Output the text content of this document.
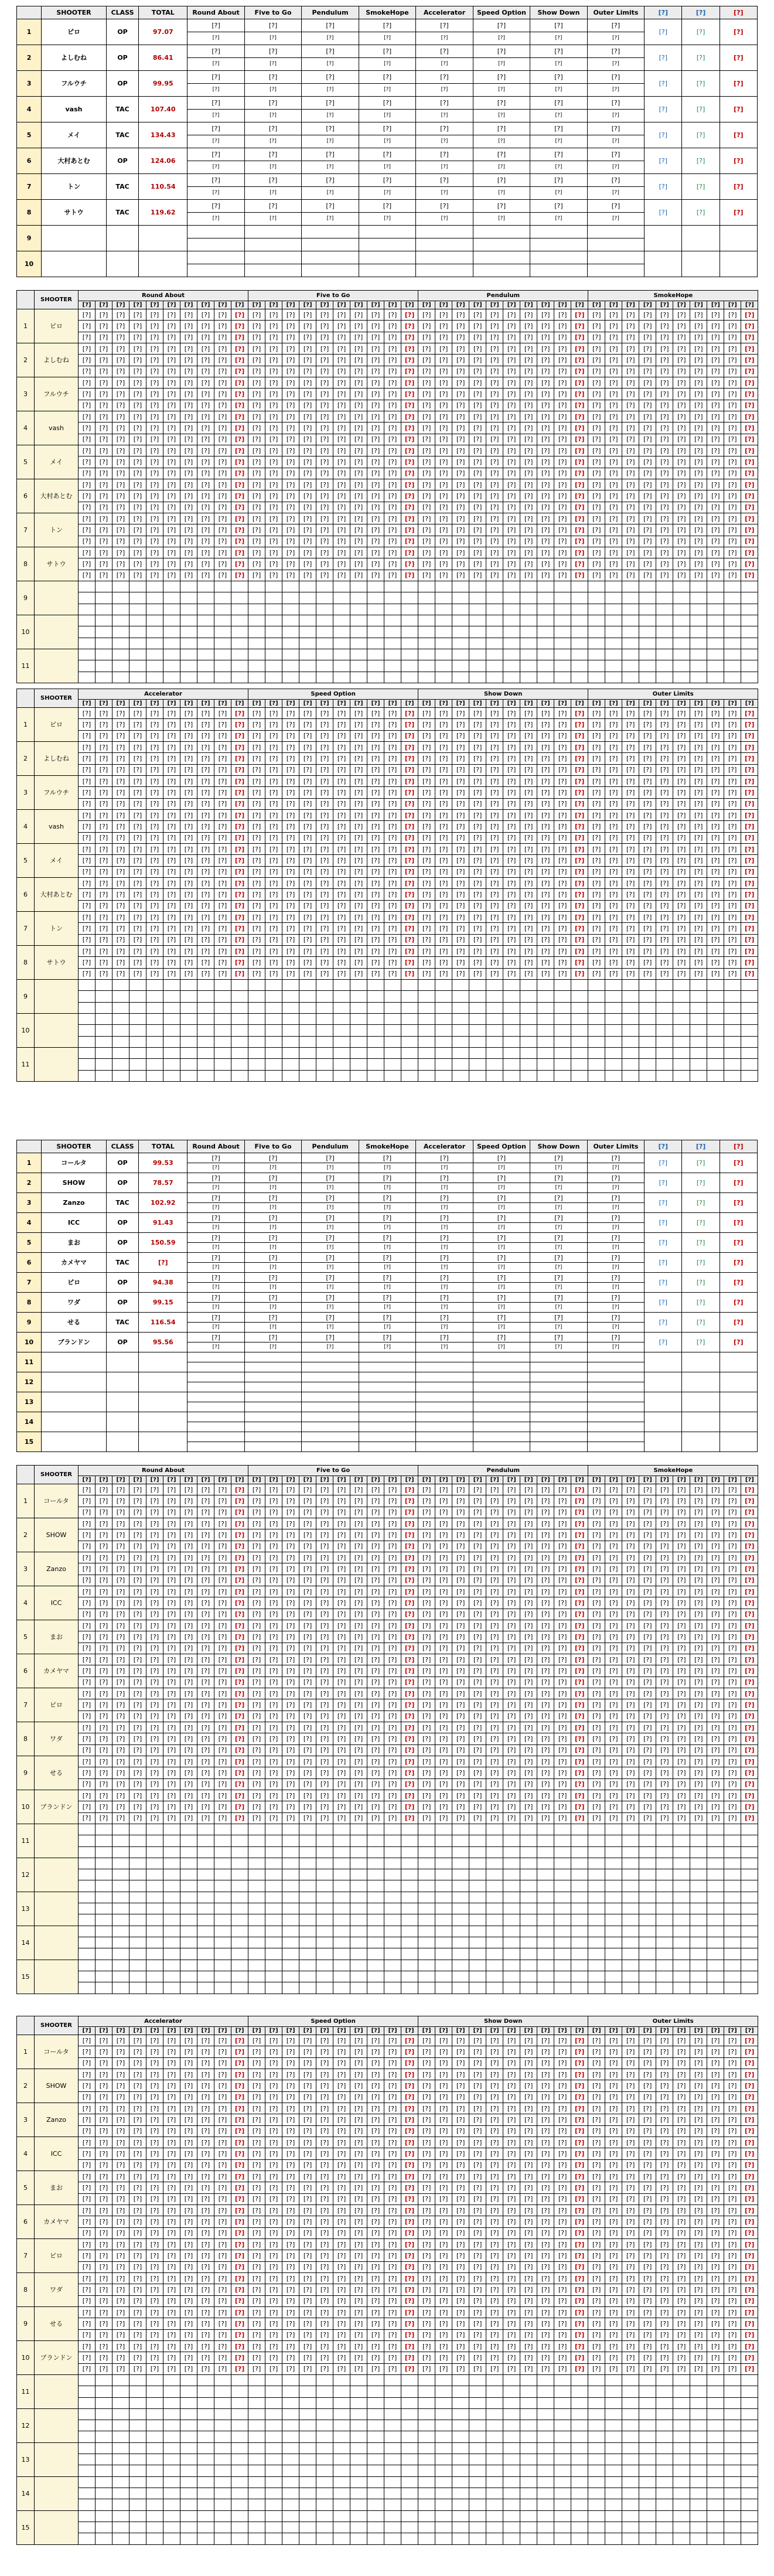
	SHOOTER	CLASS	TOTAL	Round About	Five to Go	Pendulum	SmokeHope	Accelerator	Speed Option	Show Down	Outer Limits	[?]	[?]	[?]
1	ピロ	OP	97.07	[?]	[?]	[?]	[?]	[?]	[?]	[?]	[?]	[?]	[?]	[?]
				[?]	[?]	[?]	[?]	[?]	[?]	[?]	[?]			
2	よしむね	OP	86.41	[?]	[?]	[?]	[?]	[?]	[?]	[?]	[?]	[?]	[?]	[?]
				[?]	[?]	[?]	[?]	[?]	[?]	[?]	[?]			
3	フルウチ	OP	99.95	[?]	[?]	[?]	[?]	[?]	[?]	[?]	[?]	[?]	[?]	[?]
				[?]	[?]	[?]	[?]	[?]	[?]	[?]	[?]			
4	vash	TAC	107.40	[?]	[?]	[?]	[?]	[?]	[?]	[?]	[?]	[?]	[?]	[?]
				[?]	[?]	[?]	[?]	[?]	[?]	[?]	[?]			
5	メイ	TAC	134.43	[?]	[?]	[?]	[?]	[?]	[?]	[?]	[?]	[?]	[?]	[?]
				[?]	[?]	[?]	[?]	[?]	[?]	[?]	[?]			
6	大村あとむ	OP	124.06	[?]	[?]	[?]	[?]	[?]	[?]	[?]	[?]	[?]	[?]	[?]
				[?]	[?]	[?]	[?]	[?]	[?]	[?]	[?]			
7	トン	TAC	110.54	[?]	[?]	[?]	[?]	[?]	[?]	[?]	[?]	[?]	[?]	[?]
				[?]	[?]	[?]	[?]	[?]	[?]	[?]	[?]			
8	サトウ	TAC	119.62	[?]	[?]	[?]	[?]	[?]	[?]	[?]	[?]	[?]	[?]	[?]
				[?]	[?]	[?]	[?]	[?]	[?]	[?]	[?]			
9														

10														

	SHOOTER	Round About										Five to Go										Pendulum										SmokeHope									
		[?]	[?]	[?]	[?]	[?]	[?]	[?]	[?]	[?]	[?]	[?]	[?]	[?]	[?]	[?]	[?]	[?]	[?]	[?]	[?]	[?]	[?]	[?]	[?]	[?]	[?]	[?]	[?]	[?]	[?]	[?]	[?]	[?]	[?]	[?]	[?]	[?]	[?]	[?]	[?]
1	ピロ	[?]	[?]	[?]	[?]	[?]	[?]	[?]	[?]	[?]	[?]	[?]	[?]	[?]	[?]	[?]	[?]	[?]	[?]	[?]	[?]	[?]	[?]	[?]	[?]	[?]	[?]	[?]	[?]	[?]	[?]	[?]	[?]	[?]	[?]	[?]	[?]	[?]	[?]	[?]	[?]
		[?]	[?]	[?]	[?]	[?]	[?]	[?]	[?]	[?]	[?]	[?]	[?]	[?]	[?]	[?]	[?]	[?]	[?]	[?]	[?]	[?]	[?]	[?]	[?]	[?]	[?]	[?]	[?]	[?]	[?]	[?]	[?]	[?]	[?]	[?]	[?]	[?]	[?]	[?]	[?]
		[?]	[?]	[?]	[?]	[?]	[?]	[?]	[?]	[?]	[?]	[?]	[?]	[?]	[?]	[?]	[?]	[?]	[?]	[?]	[?]	[?]	[?]	[?]	[?]	[?]	[?]	[?]	[?]	[?]	[?]	[?]	[?]	[?]	[?]	[?]	[?]	[?]	[?]	[?]	[?]
2	よしむね	[?]	[?]	[?]	[?]	[?]	[?]	[?]	[?]	[?]	[?]	[?]	[?]	[?]	[?]	[?]	[?]	[?]	[?]	[?]	[?]	[?]	[?]	[?]	[?]	[?]	[?]	[?]	[?]	[?]	[?]	[?]	[?]	[?]	[?]	[?]	[?]	[?]	[?]	[?]	[?]
		[?]	[?]	[?]	[?]	[?]	[?]	[?]	[?]	[?]	[?]	[?]	[?]	[?]	[?]	[?]	[?]	[?]	[?]	[?]	[?]	[?]	[?]	[?]	[?]	[?]	[?]	[?]	[?]	[?]	[?]	[?]	[?]	[?]	[?]	[?]	[?]	[?]	[?]	[?]	[?]
		[?]	[?]	[?]	[?]	[?]	[?]	[?]	[?]	[?]	[?]	[?]	[?]	[?]	[?]	[?]	[?]	[?]	[?]	[?]	[?]	[?]	[?]	[?]	[?]	[?]	[?]	[?]	[?]	[?]	[?]	[?]	[?]	[?]	[?]	[?]	[?]	[?]	[?]	[?]	[?]
3	フルウチ	[?]	[?]	[?]	[?]	[?]	[?]	[?]	[?]	[?]	[?]	[?]	[?]	[?]	[?]	[?]	[?]	[?]	[?]	[?]	[?]	[?]	[?]	[?]	[?]	[?]	[?]	[?]	[?]	[?]	[?]	[?]	[?]	[?]	[?]	[?]	[?]	[?]	[?]	[?]	[?]
		[?]	[?]	[?]	[?]	[?]	[?]	[?]	[?]	[?]	[?]	[?]	[?]	[?]	[?]	[?]	[?]	[?]	[?]	[?]	[?]	[?]	[?]	[?]	[?]	[?]	[?]	[?]	[?]	[?]	[?]	[?]	[?]	[?]	[?]	[?]	[?]	[?]	[?]	[?]	[?]
		[?]	[?]	[?]	[?]	[?]	[?]	[?]	[?]	[?]	[?]	[?]	[?]	[?]	[?]	[?]	[?]	[?]	[?]	[?]	[?]	[?]	[?]	[?]	[?]	[?]	[?]	[?]	[?]	[?]	[?]	[?]	[?]	[?]	[?]	[?]	[?]	[?]	[?]	[?]	[?]
4	vash	[?]	[?]	[?]	[?]	[?]	[?]	[?]	[?]	[?]	[?]	[?]	[?]	[?]	[?]	[?]	[?]	[?]	[?]	[?]	[?]	[?]	[?]	[?]	[?]	[?]	[?]	[?]	[?]	[?]	[?]	[?]	[?]	[?]	[?]	[?]	[?]	[?]	[?]	[?]	[?]
		[?]	[?]	[?]	[?]	[?]	[?]	[?]	[?]	[?]	[?]	[?]	[?]	[?]	[?]	[?]	[?]	[?]	[?]	[?]	[?]	[?]	[?]	[?]	[?]	[?]	[?]	[?]	[?]	[?]	[?]	[?]	[?]	[?]	[?]	[?]	[?]	[?]	[?]	[?]	[?]
		[?]	[?]	[?]	[?]	[?]	[?]	[?]	[?]	[?]	[?]	[?]	[?]	[?]	[?]	[?]	[?]	[?]	[?]	[?]	[?]	[?]	[?]	[?]	[?]	[?]	[?]	[?]	[?]	[?]	[?]	[?]	[?]	[?]	[?]	[?]	[?]	[?]	[?]	[?]	[?]
5	メイ	[?]	[?]	[?]	[?]	[?]	[?]	[?]	[?]	[?]	[?]	[?]	[?]	[?]	[?]	[?]	[?]	[?]	[?]	[?]	[?]	[?]	[?]	[?]	[?]	[?]	[?]	[?]	[?]	[?]	[?]	[?]	[?]	[?]	[?]	[?]	[?]	[?]	[?]	[?]	[?]
		[?]	[?]	[?]	[?]	[?]	[?]	[?]	[?]	[?]	[?]	[?]	[?]	[?]	[?]	[?]	[?]	[?]	[?]	[?]	[?]	[?]	[?]	[?]	[?]	[?]	[?]	[?]	[?]	[?]	[?]	[?]	[?]	[?]	[?]	[?]	[?]	[?]	[?]	[?]	[?]
		[?]	[?]	[?]	[?]	[?]	[?]	[?]	[?]	[?]	[?]	[?]	[?]	[?]	[?]	[?]	[?]	[?]	[?]	[?]	[?]	[?]	[?]	[?]	[?]	[?]	[?]	[?]	[?]	[?]	[?]	[?]	[?]	[?]	[?]	[?]	[?]	[?]	[?]	[?]	[?]
6	大村あとむ	[?]	[?]	[?]	[?]	[?]	[?]	[?]	[?]	[?]	[?]	[?]	[?]	[?]	[?]	[?]	[?]	[?]	[?]	[?]	[?]	[?]	[?]	[?]	[?]	[?]	[?]	[?]	[?]	[?]	[?]	[?]	[?]	[?]	[?]	[?]	[?]	[?]	[?]	[?]	[?]
		[?]	[?]	[?]	[?]	[?]	[?]	[?]	[?]	[?]	[?]	[?]	[?]	[?]	[?]	[?]	[?]	[?]	[?]	[?]	[?]	[?]	[?]	[?]	[?]	[?]	[?]	[?]	[?]	[?]	[?]	[?]	[?]	[?]	[?]	[?]	[?]	[?]	[?]	[?]	[?]
		[?]	[?]	[?]	[?]	[?]	[?]	[?]	[?]	[?]	[?]	[?]	[?]	[?]	[?]	[?]	[?]	[?]	[?]	[?]	[?]	[?]	[?]	[?]	[?]	[?]	[?]	[?]	[?]	[?]	[?]	[?]	[?]	[?]	[?]	[?]	[?]	[?]	[?]	[?]	[?]
7	トン	[?]	[?]	[?]	[?]	[?]	[?]	[?]	[?]	[?]	[?]	[?]	[?]	[?]	[?]	[?]	[?]	[?]	[?]	[?]	[?]	[?]	[?]	[?]	[?]	[?]	[?]	[?]	[?]	[?]	[?]	[?]	[?]	[?]	[?]	[?]	[?]	[?]	[?]	[?]	[?]
		[?]	[?]	[?]	[?]	[?]	[?]	[?]	[?]	[?]	[?]	[?]	[?]	[?]	[?]	[?]	[?]	[?]	[?]	[?]	[?]	[?]	[?]	[?]	[?]	[?]	[?]	[?]	[?]	[?]	[?]	[?]	[?]	[?]	[?]	[?]	[?]	[?]	[?]	[?]	[?]
		[?]	[?]	[?]	[?]	[?]	[?]	[?]	[?]	[?]	[?]	[?]	[?]	[?]	[?]	[?]	[?]	[?]	[?]	[?]	[?]	[?]	[?]	[?]	[?]	[?]	[?]	[?]	[?]	[?]	[?]	[?]	[?]	[?]	[?]	[?]	[?]	[?]	[?]	[?]	[?]
8	サトウ	[?]	[?]	[?]	[?]	[?]	[?]	[?]	[?]	[?]	[?]	[?]	[?]	[?]	[?]	[?]	[?]	[?]	[?]	[?]	[?]	[?]	[?]	[?]	[?]	[?]	[?]	[?]	[?]	[?]	[?]	[?]	[?]	[?]	[?]	[?]	[?]	[?]	[?]	[?]	[?]
		[?]	[?]	[?]	[?]	[?]	[?]	[?]	[?]	[?]	[?]	[?]	[?]	[?]	[?]	[?]	[?]	[?]	[?]	[?]	[?]	[?]	[?]	[?]	[?]	[?]	[?]	[?]	[?]	[?]	[?]	[?]	[?]	[?]	[?]	[?]	[?]	[?]	[?]	[?]	[?]
		[?]	[?]	[?]	[?]	[?]	[?]	[?]	[?]	[?]	[?]	[?]	[?]	[?]	[?]	[?]	[?]	[?]	[?]	[?]	[?]	[?]	[?]	[?]	[?]	[?]	[?]	[?]	[?]	[?]	[?]	[?]	[?]	[?]	[?]	[?]	[?]	[?]	[?]	[?]	[?]
9																																									

10																																									

11																																									

	SHOOTER	Accelerator										Speed Option										Show Down										Outer Limits									
		[?]	[?]	[?]	[?]	[?]	[?]	[?]	[?]	[?]	[?]	[?]	[?]	[?]	[?]	[?]	[?]	[?]	[?]	[?]	[?]	[?]	[?]	[?]	[?]	[?]	[?]	[?]	[?]	[?]	[?]	[?]	[?]	[?]	[?]	[?]	[?]	[?]	[?]	[?]	[?]
1	ピロ	[?]	[?]	[?]	[?]	[?]	[?]	[?]	[?]	[?]	[?]	[?]	[?]	[?]	[?]	[?]	[?]	[?]	[?]	[?]	[?]	[?]	[?]	[?]	[?]	[?]	[?]	[?]	[?]	[?]	[?]	[?]	[?]	[?]	[?]	[?]	[?]	[?]	[?]	[?]	[?]
		[?]	[?]	[?]	[?]	[?]	[?]	[?]	[?]	[?]	[?]	[?]	[?]	[?]	[?]	[?]	[?]	[?]	[?]	[?]	[?]	[?]	[?]	[?]	[?]	[?]	[?]	[?]	[?]	[?]	[?]	[?]	[?]	[?]	[?]	[?]	[?]	[?]	[?]	[?]	[?]
		[?]	[?]	[?]	[?]	[?]	[?]	[?]	[?]	[?]	[?]	[?]	[?]	[?]	[?]	[?]	[?]	[?]	[?]	[?]	[?]	[?]	[?]	[?]	[?]	[?]	[?]	[?]	[?]	[?]	[?]	[?]	[?]	[?]	[?]	[?]	[?]	[?]	[?]	[?]	[?]
2	よしむね	[?]	[?]	[?]	[?]	[?]	[?]	[?]	[?]	[?]	[?]	[?]	[?]	[?]	[?]	[?]	[?]	[?]	[?]	[?]	[?]	[?]	[?]	[?]	[?]	[?]	[?]	[?]	[?]	[?]	[?]	[?]	[?]	[?]	[?]	[?]	[?]	[?]	[?]	[?]	[?]
		[?]	[?]	[?]	[?]	[?]	[?]	[?]	[?]	[?]	[?]	[?]	[?]	[?]	[?]	[?]	[?]	[?]	[?]	[?]	[?]	[?]	[?]	[?]	[?]	[?]	[?]	[?]	[?]	[?]	[?]	[?]	[?]	[?]	[?]	[?]	[?]	[?]	[?]	[?]	[?]
		[?]	[?]	[?]	[?]	[?]	[?]	[?]	[?]	[?]	[?]	[?]	[?]	[?]	[?]	[?]	[?]	[?]	[?]	[?]	[?]	[?]	[?]	[?]	[?]	[?]	[?]	[?]	[?]	[?]	[?]	[?]	[?]	[?]	[?]	[?]	[?]	[?]	[?]	[?]	[?]
3	フルウチ	[?]	[?]	[?]	[?]	[?]	[?]	[?]	[?]	[?]	[?]	[?]	[?]	[?]	[?]	[?]	[?]	[?]	[?]	[?]	[?]	[?]	[?]	[?]	[?]	[?]	[?]	[?]	[?]	[?]	[?]	[?]	[?]	[?]	[?]	[?]	[?]	[?]	[?]	[?]	[?]
		[?]	[?]	[?]	[?]	[?]	[?]	[?]	[?]	[?]	[?]	[?]	[?]	[?]	[?]	[?]	[?]	[?]	[?]	[?]	[?]	[?]	[?]	[?]	[?]	[?]	[?]	[?]	[?]	[?]	[?]	[?]	[?]	[?]	[?]	[?]	[?]	[?]	[?]	[?]	[?]
		[?]	[?]	[?]	[?]	[?]	[?]	[?]	[?]	[?]	[?]	[?]	[?]	[?]	[?]	[?]	[?]	[?]	[?]	[?]	[?]	[?]	[?]	[?]	[?]	[?]	[?]	[?]	[?]	[?]	[?]	[?]	[?]	[?]	[?]	[?]	[?]	[?]	[?]	[?]	[?]
4	vash	[?]	[?]	[?]	[?]	[?]	[?]	[?]	[?]	[?]	[?]	[?]	[?]	[?]	[?]	[?]	[?]	[?]	[?]	[?]	[?]	[?]	[?]	[?]	[?]	[?]	[?]	[?]	[?]	[?]	[?]	[?]	[?]	[?]	[?]	[?]	[?]	[?]	[?]	[?]	[?]
		[?]	[?]	[?]	[?]	[?]	[?]	[?]	[?]	[?]	[?]	[?]	[?]	[?]	[?]	[?]	[?]	[?]	[?]	[?]	[?]	[?]	[?]	[?]	[?]	[?]	[?]	[?]	[?]	[?]	[?]	[?]	[?]	[?]	[?]	[?]	[?]	[?]	[?]	[?]	[?]
		[?]	[?]	[?]	[?]	[?]	[?]	[?]	[?]	[?]	[?]	[?]	[?]	[?]	[?]	[?]	[?]	[?]	[?]	[?]	[?]	[?]	[?]	[?]	[?]	[?]	[?]	[?]	[?]	[?]	[?]	[?]	[?]	[?]	[?]	[?]	[?]	[?]	[?]	[?]	[?]
5	メイ	[?]	[?]	[?]	[?]	[?]	[?]	[?]	[?]	[?]	[?]	[?]	[?]	[?]	[?]	[?]	[?]	[?]	[?]	[?]	[?]	[?]	[?]	[?]	[?]	[?]	[?]	[?]	[?]	[?]	[?]	[?]	[?]	[?]	[?]	[?]	[?]	[?]	[?]	[?]	[?]
		[?]	[?]	[?]	[?]	[?]	[?]	[?]	[?]	[?]	[?]	[?]	[?]	[?]	[?]	[?]	[?]	[?]	[?]	[?]	[?]	[?]	[?]	[?]	[?]	[?]	[?]	[?]	[?]	[?]	[?]	[?]	[?]	[?]	[?]	[?]	[?]	[?]	[?]	[?]	[?]
		[?]	[?]	[?]	[?]	[?]	[?]	[?]	[?]	[?]	[?]	[?]	[?]	[?]	[?]	[?]	[?]	[?]	[?]	[?]	[?]	[?]	[?]	[?]	[?]	[?]	[?]	[?]	[?]	[?]	[?]	[?]	[?]	[?]	[?]	[?]	[?]	[?]	[?]	[?]	[?]
6	大村あとむ	[?]	[?]	[?]	[?]	[?]	[?]	[?]	[?]	[?]	[?]	[?]	[?]	[?]	[?]	[?]	[?]	[?]	[?]	[?]	[?]	[?]	[?]	[?]	[?]	[?]	[?]	[?]	[?]	[?]	[?]	[?]	[?]	[?]	[?]	[?]	[?]	[?]	[?]	[?]	[?]
		[?]	[?]	[?]	[?]	[?]	[?]	[?]	[?]	[?]	[?]	[?]	[?]	[?]	[?]	[?]	[?]	[?]	[?]	[?]	[?]	[?]	[?]	[?]	[?]	[?]	[?]	[?]	[?]	[?]	[?]	[?]	[?]	[?]	[?]	[?]	[?]	[?]	[?]	[?]	[?]
		[?]	[?]	[?]	[?]	[?]	[?]	[?]	[?]	[?]	[?]	[?]	[?]	[?]	[?]	[?]	[?]	[?]	[?]	[?]	[?]	[?]	[?]	[?]	[?]	[?]	[?]	[?]	[?]	[?]	[?]	[?]	[?]	[?]	[?]	[?]	[?]	[?]	[?]	[?]	[?]
7	トン	[?]	[?]	[?]	[?]	[?]	[?]	[?]	[?]	[?]	[?]	[?]	[?]	[?]	[?]	[?]	[?]	[?]	[?]	[?]	[?]	[?]	[?]	[?]	[?]	[?]	[?]	[?]	[?]	[?]	[?]	[?]	[?]	[?]	[?]	[?]	[?]	[?]	[?]	[?]	[?]
		[?]	[?]	[?]	[?]	[?]	[?]	[?]	[?]	[?]	[?]	[?]	[?]	[?]	[?]	[?]	[?]	[?]	[?]	[?]	[?]	[?]	[?]	[?]	[?]	[?]	[?]	[?]	[?]	[?]	[?]	[?]	[?]	[?]	[?]	[?]	[?]	[?]	[?]	[?]	[?]
		[?]	[?]	[?]	[?]	[?]	[?]	[?]	[?]	[?]	[?]	[?]	[?]	[?]	[?]	[?]	[?]	[?]	[?]	[?]	[?]	[?]	[?]	[?]	[?]	[?]	[?]	[?]	[?]	[?]	[?]	[?]	[?]	[?]	[?]	[?]	[?]	[?]	[?]	[?]	[?]
8	サトウ	[?]	[?]	[?]	[?]	[?]	[?]	[?]	[?]	[?]	[?]	[?]	[?]	[?]	[?]	[?]	[?]	[?]	[?]	[?]	[?]	[?]	[?]	[?]	[?]	[?]	[?]	[?]	[?]	[?]	[?]	[?]	[?]	[?]	[?]	[?]	[?]	[?]	[?]	[?]	[?]
		[?]	[?]	[?]	[?]	[?]	[?]	[?]	[?]	[?]	[?]	[?]	[?]	[?]	[?]	[?]	[?]	[?]	[?]	[?]	[?]	[?]	[?]	[?]	[?]	[?]	[?]	[?]	[?]	[?]	[?]	[?]	[?]	[?]	[?]	[?]	[?]	[?]	[?]	[?]	[?]
		[?]	[?]	[?]	[?]	[?]	[?]	[?]	[?]	[?]	[?]	[?]	[?]	[?]	[?]	[?]	[?]	[?]	[?]	[?]	[?]	[?]	[?]	[?]	[?]	[?]	[?]	[?]	[?]	[?]	[?]	[?]	[?]	[?]	[?]	[?]	[?]	[?]	[?]	[?]	[?]
9																																									

10																																									

11																																									

	SHOOTER	CLASS	TOTAL	Round About	Five to Go	Pendulum	SmokeHope	Accelerator	Speed Option	Show Down	Outer Limits	[?]	[?]	[?]
1	コールタ	OP	99.53	[?]	[?]	[?]	[?]	[?]	[?]	[?]	[?]	[?]	[?]	[?]
				[?]	[?]	[?]	[?]	[?]	[?]	[?]	[?]			
2	SHOW	OP	78.57	[?]	[?]	[?]	[?]	[?]	[?]	[?]	[?]	[?]	[?]	[?]
				[?]	[?]	[?]	[?]	[?]	[?]	[?]	[?]			
3	Zanzo	TAC	102.92	[?]	[?]	[?]	[?]	[?]	[?]	[?]	[?]	[?]	[?]	[?]
				[?]	[?]	[?]	[?]	[?]	[?]	[?]	[?]			
4	ICC	OP	91.43	[?]	[?]	[?]	[?]	[?]	[?]	[?]	[?]	[?]	[?]	[?]
				[?]	[?]	[?]	[?]	[?]	[?]	[?]	[?]			
5	まお	OP	150.59	[?]	[?]	[?]	[?]	[?]	[?]	[?]	[?]	[?]	[?]	[?]
				[?]	[?]	[?]	[?]	[?]	[?]	[?]	[?]			
6	カメヤマ	TAC	[?]	[?]	[?]	[?]	[?]	[?]	[?]	[?]	[?]	[?]	[?]	[?]
				[?]	[?]	[?]	[?]	[?]	[?]	[?]	[?]			
7	ピロ	OP	94.38	[?]	[?]	[?]	[?]	[?]	[?]	[?]	[?]	[?]	[?]	[?]
				[?]	[?]	[?]	[?]	[?]	[?]	[?]	[?]			
8	ワダ	OP	99.15	[?]	[?]	[?]	[?]	[?]	[?]	[?]	[?]	[?]	[?]	[?]
				[?]	[?]	[?]	[?]	[?]	[?]	[?]	[?]			
9	せる	TAC	116.54	[?]	[?]	[?]	[?]	[?]	[?]	[?]	[?]	[?]	[?]	[?]
				[?]	[?]	[?]	[?]	[?]	[?]	[?]	[?]			
10	ブランドン	OP	95.56	[?]	[?]	[?]	[?]	[?]	[?]	[?]	[?]	[?]	[?]	[?]
				[?]	[?]	[?]	[?]	[?]	[?]	[?]	[?]			
11														

12														

13														

14														

15														

	SHOOTER	Round About										Five to Go										Pendulum										SmokeHope									
		[?]	[?]	[?]	[?]	[?]	[?]	[?]	[?]	[?]	[?]	[?]	[?]	[?]	[?]	[?]	[?]	[?]	[?]	[?]	[?]	[?]	[?]	[?]	[?]	[?]	[?]	[?]	[?]	[?]	[?]	[?]	[?]	[?]	[?]	[?]	[?]	[?]	[?]	[?]	[?]
1	コールタ	[?]	[?]	[?]	[?]	[?]	[?]	[?]	[?]	[?]	[?]	[?]	[?]	[?]	[?]	[?]	[?]	[?]	[?]	[?]	[?]	[?]	[?]	[?]	[?]	[?]	[?]	[?]	[?]	[?]	[?]	[?]	[?]	[?]	[?]	[?]	[?]	[?]	[?]	[?]	[?]
		[?]	[?]	[?]	[?]	[?]	[?]	[?]	[?]	[?]	[?]	[?]	[?]	[?]	[?]	[?]	[?]	[?]	[?]	[?]	[?]	[?]	[?]	[?]	[?]	[?]	[?]	[?]	[?]	[?]	[?]	[?]	[?]	[?]	[?]	[?]	[?]	[?]	[?]	[?]	[?]
		[?]	[?]	[?]	[?]	[?]	[?]	[?]	[?]	[?]	[?]	[?]	[?]	[?]	[?]	[?]	[?]	[?]	[?]	[?]	[?]	[?]	[?]	[?]	[?]	[?]	[?]	[?]	[?]	[?]	[?]	[?]	[?]	[?]	[?]	[?]	[?]	[?]	[?]	[?]	[?]
2	SHOW	[?]	[?]	[?]	[?]	[?]	[?]	[?]	[?]	[?]	[?]	[?]	[?]	[?]	[?]	[?]	[?]	[?]	[?]	[?]	[?]	[?]	[?]	[?]	[?]	[?]	[?]	[?]	[?]	[?]	[?]	[?]	[?]	[?]	[?]	[?]	[?]	[?]	[?]	[?]	[?]
		[?]	[?]	[?]	[?]	[?]	[?]	[?]	[?]	[?]	[?]	[?]	[?]	[?]	[?]	[?]	[?]	[?]	[?]	[?]	[?]	[?]	[?]	[?]	[?]	[?]	[?]	[?]	[?]	[?]	[?]	[?]	[?]	[?]	[?]	[?]	[?]	[?]	[?]	[?]	[?]
		[?]	[?]	[?]	[?]	[?]	[?]	[?]	[?]	[?]	[?]	[?]	[?]	[?]	[?]	[?]	[?]	[?]	[?]	[?]	[?]	[?]	[?]	[?]	[?]	[?]	[?]	[?]	[?]	[?]	[?]	[?]	[?]	[?]	[?]	[?]	[?]	[?]	[?]	[?]	[?]
3	Zanzo	[?]	[?]	[?]	[?]	[?]	[?]	[?]	[?]	[?]	[?]	[?]	[?]	[?]	[?]	[?]	[?]	[?]	[?]	[?]	[?]	[?]	[?]	[?]	[?]	[?]	[?]	[?]	[?]	[?]	[?]	[?]	[?]	[?]	[?]	[?]	[?]	[?]	[?]	[?]	[?]
		[?]	[?]	[?]	[?]	[?]	[?]	[?]	[?]	[?]	[?]	[?]	[?]	[?]	[?]	[?]	[?]	[?]	[?]	[?]	[?]	[?]	[?]	[?]	[?]	[?]	[?]	[?]	[?]	[?]	[?]	[?]	[?]	[?]	[?]	[?]	[?]	[?]	[?]	[?]	[?]
		[?]	[?]	[?]	[?]	[?]	[?]	[?]	[?]	[?]	[?]	[?]	[?]	[?]	[?]	[?]	[?]	[?]	[?]	[?]	[?]	[?]	[?]	[?]	[?]	[?]	[?]	[?]	[?]	[?]	[?]	[?]	[?]	[?]	[?]	[?]	[?]	[?]	[?]	[?]	[?]
4	ICC	[?]	[?]	[?]	[?]	[?]	[?]	[?]	[?]	[?]	[?]	[?]	[?]	[?]	[?]	[?]	[?]	[?]	[?]	[?]	[?]	[?]	[?]	[?]	[?]	[?]	[?]	[?]	[?]	[?]	[?]	[?]	[?]	[?]	[?]	[?]	[?]	[?]	[?]	[?]	[?]
		[?]	[?]	[?]	[?]	[?]	[?]	[?]	[?]	[?]	[?]	[?]	[?]	[?]	[?]	[?]	[?]	[?]	[?]	[?]	[?]	[?]	[?]	[?]	[?]	[?]	[?]	[?]	[?]	[?]	[?]	[?]	[?]	[?]	[?]	[?]	[?]	[?]	[?]	[?]	[?]
		[?]	[?]	[?]	[?]	[?]	[?]	[?]	[?]	[?]	[?]	[?]	[?]	[?]	[?]	[?]	[?]	[?]	[?]	[?]	[?]	[?]	[?]	[?]	[?]	[?]	[?]	[?]	[?]	[?]	[?]	[?]	[?]	[?]	[?]	[?]	[?]	[?]	[?]	[?]	[?]
5	まお	[?]	[?]	[?]	[?]	[?]	[?]	[?]	[?]	[?]	[?]	[?]	[?]	[?]	[?]	[?]	[?]	[?]	[?]	[?]	[?]	[?]	[?]	[?]	[?]	[?]	[?]	[?]	[?]	[?]	[?]	[?]	[?]	[?]	[?]	[?]	[?]	[?]	[?]	[?]	[?]
		[?]	[?]	[?]	[?]	[?]	[?]	[?]	[?]	[?]	[?]	[?]	[?]	[?]	[?]	[?]	[?]	[?]	[?]	[?]	[?]	[?]	[?]	[?]	[?]	[?]	[?]	[?]	[?]	[?]	[?]	[?]	[?]	[?]	[?]	[?]	[?]	[?]	[?]	[?]	[?]
		[?]	[?]	[?]	[?]	[?]	[?]	[?]	[?]	[?]	[?]	[?]	[?]	[?]	[?]	[?]	[?]	[?]	[?]	[?]	[?]	[?]	[?]	[?]	[?]	[?]	[?]	[?]	[?]	[?]	[?]	[?]	[?]	[?]	[?]	[?]	[?]	[?]	[?]	[?]	[?]
6	カメヤマ	[?]	[?]	[?]	[?]	[?]	[?]	[?]	[?]	[?]	[?]	[?]	[?]	[?]	[?]	[?]	[?]	[?]	[?]	[?]	[?]	[?]	[?]	[?]	[?]	[?]	[?]	[?]	[?]	[?]	[?]	[?]	[?]	[?]	[?]	[?]	[?]	[?]	[?]	[?]	[?]
		[?]	[?]	[?]	[?]	[?]	[?]	[?]	[?]	[?]	[?]	[?]	[?]	[?]	[?]	[?]	[?]	[?]	[?]	[?]	[?]	[?]	[?]	[?]	[?]	[?]	[?]	[?]	[?]	[?]	[?]	[?]	[?]	[?]	[?]	[?]	[?]	[?]	[?]	[?]	[?]
		[?]	[?]	[?]	[?]	[?]	[?]	[?]	[?]	[?]	[?]	[?]	[?]	[?]	[?]	[?]	[?]	[?]	[?]	[?]	[?]	[?]	[?]	[?]	[?]	[?]	[?]	[?]	[?]	[?]	[?]	[?]	[?]	[?]	[?]	[?]	[?]	[?]	[?]	[?]	[?]
7	ピロ	[?]	[?]	[?]	[?]	[?]	[?]	[?]	[?]	[?]	[?]	[?]	[?]	[?]	[?]	[?]	[?]	[?]	[?]	[?]	[?]	[?]	[?]	[?]	[?]	[?]	[?]	[?]	[?]	[?]	[?]	[?]	[?]	[?]	[?]	[?]	[?]	[?]	[?]	[?]	[?]
		[?]	[?]	[?]	[?]	[?]	[?]	[?]	[?]	[?]	[?]	[?]	[?]	[?]	[?]	[?]	[?]	[?]	[?]	[?]	[?]	[?]	[?]	[?]	[?]	[?]	[?]	[?]	[?]	[?]	[?]	[?]	[?]	[?]	[?]	[?]	[?]	[?]	[?]	[?]	[?]
		[?]	[?]	[?]	[?]	[?]	[?]	[?]	[?]	[?]	[?]	[?]	[?]	[?]	[?]	[?]	[?]	[?]	[?]	[?]	[?]	[?]	[?]	[?]	[?]	[?]	[?]	[?]	[?]	[?]	[?]	[?]	[?]	[?]	[?]	[?]	[?]	[?]	[?]	[?]	[?]
8	ワダ	[?]	[?]	[?]	[?]	[?]	[?]	[?]	[?]	[?]	[?]	[?]	[?]	[?]	[?]	[?]	[?]	[?]	[?]	[?]	[?]	[?]	[?]	[?]	[?]	[?]	[?]	[?]	[?]	[?]	[?]	[?]	[?]	[?]	[?]	[?]	[?]	[?]	[?]	[?]	[?]
		[?]	[?]	[?]	[?]	[?]	[?]	[?]	[?]	[?]	[?]	[?]	[?]	[?]	[?]	[?]	[?]	[?]	[?]	[?]	[?]	[?]	[?]	[?]	[?]	[?]	[?]	[?]	[?]	[?]	[?]	[?]	[?]	[?]	[?]	[?]	[?]	[?]	[?]	[?]	[?]
		[?]	[?]	[?]	[?]	[?]	[?]	[?]	[?]	[?]	[?]	[?]	[?]	[?]	[?]	[?]	[?]	[?]	[?]	[?]	[?]	[?]	[?]	[?]	[?]	[?]	[?]	[?]	[?]	[?]	[?]	[?]	[?]	[?]	[?]	[?]	[?]	[?]	[?]	[?]	[?]
9	せる	[?]	[?]	[?]	[?]	[?]	[?]	[?]	[?]	[?]	[?]	[?]	[?]	[?]	[?]	[?]	[?]	[?]	[?]	[?]	[?]	[?]	[?]	[?]	[?]	[?]	[?]	[?]	[?]	[?]	[?]	[?]	[?]	[?]	[?]	[?]	[?]	[?]	[?]	[?]	[?]
		[?]	[?]	[?]	[?]	[?]	[?]	[?]	[?]	[?]	[?]	[?]	[?]	[?]	[?]	[?]	[?]	[?]	[?]	[?]	[?]	[?]	[?]	[?]	[?]	[?]	[?]	[?]	[?]	[?]	[?]	[?]	[?]	[?]	[?]	[?]	[?]	[?]	[?]	[?]	[?]
		[?]	[?]	[?]	[?]	[?]	[?]	[?]	[?]	[?]	[?]	[?]	[?]	[?]	[?]	[?]	[?]	[?]	[?]	[?]	[?]	[?]	[?]	[?]	[?]	[?]	[?]	[?]	[?]	[?]	[?]	[?]	[?]	[?]	[?]	[?]	[?]	[?]	[?]	[?]	[?]
10	ブランドン	[?]	[?]	[?]	[?]	[?]	[?]	[?]	[?]	[?]	[?]	[?]	[?]	[?]	[?]	[?]	[?]	[?]	[?]	[?]	[?]	[?]	[?]	[?]	[?]	[?]	[?]	[?]	[?]	[?]	[?]	[?]	[?]	[?]	[?]	[?]	[?]	[?]	[?]	[?]	[?]
		[?]	[?]	[?]	[?]	[?]	[?]	[?]	[?]	[?]	[?]	[?]	[?]	[?]	[?]	[?]	[?]	[?]	[?]	[?]	[?]	[?]	[?]	[?]	[?]	[?]	[?]	[?]	[?]	[?]	[?]	[?]	[?]	[?]	[?]	[?]	[?]	[?]	[?]	[?]	[?]
		[?]	[?]	[?]	[?]	[?]	[?]	[?]	[?]	[?]	[?]	[?]	[?]	[?]	[?]	[?]	[?]	[?]	[?]	[?]	[?]	[?]	[?]	[?]	[?]	[?]	[?]	[?]	[?]	[?]	[?]	[?]	[?]	[?]	[?]	[?]	[?]	[?]	[?]	[?]	[?]
11																																									

12																																									

13																																									

14																																									

15																																									

	SHOOTER	Accelerator										Speed Option										Show Down										Outer Limits									
		[?]	[?]	[?]	[?]	[?]	[?]	[?]	[?]	[?]	[?]	[?]	[?]	[?]	[?]	[?]	[?]	[?]	[?]	[?]	[?]	[?]	[?]	[?]	[?]	[?]	[?]	[?]	[?]	[?]	[?]	[?]	[?]	[?]	[?]	[?]	[?]	[?]	[?]	[?]	[?]
1	コールタ	[?]	[?]	[?]	[?]	[?]	[?]	[?]	[?]	[?]	[?]	[?]	[?]	[?]	[?]	[?]	[?]	[?]	[?]	[?]	[?]	[?]	[?]	[?]	[?]	[?]	[?]	[?]	[?]	[?]	[?]	[?]	[?]	[?]	[?]	[?]	[?]	[?]	[?]	[?]	[?]
		[?]	[?]	[?]	[?]	[?]	[?]	[?]	[?]	[?]	[?]	[?]	[?]	[?]	[?]	[?]	[?]	[?]	[?]	[?]	[?]	[?]	[?]	[?]	[?]	[?]	[?]	[?]	[?]	[?]	[?]	[?]	[?]	[?]	[?]	[?]	[?]	[?]	[?]	[?]	[?]
		[?]	[?]	[?]	[?]	[?]	[?]	[?]	[?]	[?]	[?]	[?]	[?]	[?]	[?]	[?]	[?]	[?]	[?]	[?]	[?]	[?]	[?]	[?]	[?]	[?]	[?]	[?]	[?]	[?]	[?]	[?]	[?]	[?]	[?]	[?]	[?]	[?]	[?]	[?]	[?]
2	SHOW	[?]	[?]	[?]	[?]	[?]	[?]	[?]	[?]	[?]	[?]	[?]	[?]	[?]	[?]	[?]	[?]	[?]	[?]	[?]	[?]	[?]	[?]	[?]	[?]	[?]	[?]	[?]	[?]	[?]	[?]	[?]	[?]	[?]	[?]	[?]	[?]	[?]	[?]	[?]	[?]
		[?]	[?]	[?]	[?]	[?]	[?]	[?]	[?]	[?]	[?]	[?]	[?]	[?]	[?]	[?]	[?]	[?]	[?]	[?]	[?]	[?]	[?]	[?]	[?]	[?]	[?]	[?]	[?]	[?]	[?]	[?]	[?]	[?]	[?]	[?]	[?]	[?]	[?]	[?]	[?]
		[?]	[?]	[?]	[?]	[?]	[?]	[?]	[?]	[?]	[?]	[?]	[?]	[?]	[?]	[?]	[?]	[?]	[?]	[?]	[?]	[?]	[?]	[?]	[?]	[?]	[?]	[?]	[?]	[?]	[?]	[?]	[?]	[?]	[?]	[?]	[?]	[?]	[?]	[?]	[?]
3	Zanzo	[?]	[?]	[?]	[?]	[?]	[?]	[?]	[?]	[?]	[?]	[?]	[?]	[?]	[?]	[?]	[?]	[?]	[?]	[?]	[?]	[?]	[?]	[?]	[?]	[?]	[?]	[?]	[?]	[?]	[?]	[?]	[?]	[?]	[?]	[?]	[?]	[?]	[?]	[?]	[?]
		[?]	[?]	[?]	[?]	[?]	[?]	[?]	[?]	[?]	[?]	[?]	[?]	[?]	[?]	[?]	[?]	[?]	[?]	[?]	[?]	[?]	[?]	[?]	[?]	[?]	[?]	[?]	[?]	[?]	[?]	[?]	[?]	[?]	[?]	[?]	[?]	[?]	[?]	[?]	[?]
		[?]	[?]	[?]	[?]	[?]	[?]	[?]	[?]	[?]	[?]	[?]	[?]	[?]	[?]	[?]	[?]	[?]	[?]	[?]	[?]	[?]	[?]	[?]	[?]	[?]	[?]	[?]	[?]	[?]	[?]	[?]	[?]	[?]	[?]	[?]	[?]	[?]	[?]	[?]	[?]
4	ICC	[?]	[?]	[?]	[?]	[?]	[?]	[?]	[?]	[?]	[?]	[?]	[?]	[?]	[?]	[?]	[?]	[?]	[?]	[?]	[?]	[?]	[?]	[?]	[?]	[?]	[?]	[?]	[?]	[?]	[?]	[?]	[?]	[?]	[?]	[?]	[?]	[?]	[?]	[?]	[?]
		[?]	[?]	[?]	[?]	[?]	[?]	[?]	[?]	[?]	[?]	[?]	[?]	[?]	[?]	[?]	[?]	[?]	[?]	[?]	[?]	[?]	[?]	[?]	[?]	[?]	[?]	[?]	[?]	[?]	[?]	[?]	[?]	[?]	[?]	[?]	[?]	[?]	[?]	[?]	[?]
		[?]	[?]	[?]	[?]	[?]	[?]	[?]	[?]	[?]	[?]	[?]	[?]	[?]	[?]	[?]	[?]	[?]	[?]	[?]	[?]	[?]	[?]	[?]	[?]	[?]	[?]	[?]	[?]	[?]	[?]	[?]	[?]	[?]	[?]	[?]	[?]	[?]	[?]	[?]	[?]
5	まお	[?]	[?]	[?]	[?]	[?]	[?]	[?]	[?]	[?]	[?]	[?]	[?]	[?]	[?]	[?]	[?]	[?]	[?]	[?]	[?]	[?]	[?]	[?]	[?]	[?]	[?]	[?]	[?]	[?]	[?]	[?]	[?]	[?]	[?]	[?]	[?]	[?]	[?]	[?]	[?]
		[?]	[?]	[?]	[?]	[?]	[?]	[?]	[?]	[?]	[?]	[?]	[?]	[?]	[?]	[?]	[?]	[?]	[?]	[?]	[?]	[?]	[?]	[?]	[?]	[?]	[?]	[?]	[?]	[?]	[?]	[?]	[?]	[?]	[?]	[?]	[?]	[?]	[?]	[?]	[?]
		[?]	[?]	[?]	[?]	[?]	[?]	[?]	[?]	[?]	[?]	[?]	[?]	[?]	[?]	[?]	[?]	[?]	[?]	[?]	[?]	[?]	[?]	[?]	[?]	[?]	[?]	[?]	[?]	[?]	[?]	[?]	[?]	[?]	[?]	[?]	[?]	[?]	[?]	[?]	[?]
6	カメヤマ	[?]	[?]	[?]	[?]	[?]	[?]	[?]	[?]	[?]	[?]	[?]	[?]	[?]	[?]	[?]	[?]	[?]	[?]	[?]	[?]	[?]	[?]	[?]	[?]	[?]	[?]	[?]	[?]	[?]	[?]	[?]	[?]	[?]	[?]	[?]	[?]	[?]	[?]	[?]	[?]
		[?]	[?]	[?]	[?]	[?]	[?]	[?]	[?]	[?]	[?]	[?]	[?]	[?]	[?]	[?]	[?]	[?]	[?]	[?]	[?]	[?]	[?]	[?]	[?]	[?]	[?]	[?]	[?]	[?]	[?]	[?]	[?]	[?]	[?]	[?]	[?]	[?]	[?]	[?]	[?]
		[?]	[?]	[?]	[?]	[?]	[?]	[?]	[?]	[?]	[?]	[?]	[?]	[?]	[?]	[?]	[?]	[?]	[?]	[?]	[?]	[?]	[?]	[?]	[?]	[?]	[?]	[?]	[?]	[?]	[?]	[?]	[?]	[?]	[?]	[?]	[?]	[?]	[?]	[?]	[?]
7	ピロ	[?]	[?]	[?]	[?]	[?]	[?]	[?]	[?]	[?]	[?]	[?]	[?]	[?]	[?]	[?]	[?]	[?]	[?]	[?]	[?]	[?]	[?]	[?]	[?]	[?]	[?]	[?]	[?]	[?]	[?]	[?]	[?]	[?]	[?]	[?]	[?]	[?]	[?]	[?]	[?]
		[?]	[?]	[?]	[?]	[?]	[?]	[?]	[?]	[?]	[?]	[?]	[?]	[?]	[?]	[?]	[?]	[?]	[?]	[?]	[?]	[?]	[?]	[?]	[?]	[?]	[?]	[?]	[?]	[?]	[?]	[?]	[?]	[?]	[?]	[?]	[?]	[?]	[?]	[?]	[?]
		[?]	[?]	[?]	[?]	[?]	[?]	[?]	[?]	[?]	[?]	[?]	[?]	[?]	[?]	[?]	[?]	[?]	[?]	[?]	[?]	[?]	[?]	[?]	[?]	[?]	[?]	[?]	[?]	[?]	[?]	[?]	[?]	[?]	[?]	[?]	[?]	[?]	[?]	[?]	[?]
8	ワダ	[?]	[?]	[?]	[?]	[?]	[?]	[?]	[?]	[?]	[?]	[?]	[?]	[?]	[?]	[?]	[?]	[?]	[?]	[?]	[?]	[?]	[?]	[?]	[?]	[?]	[?]	[?]	[?]	[?]	[?]	[?]	[?]	[?]	[?]	[?]	[?]	[?]	[?]	[?]	[?]
		[?]	[?]	[?]	[?]	[?]	[?]	[?]	[?]	[?]	[?]	[?]	[?]	[?]	[?]	[?]	[?]	[?]	[?]	[?]	[?]	[?]	[?]	[?]	[?]	[?]	[?]	[?]	[?]	[?]	[?]	[?]	[?]	[?]	[?]	[?]	[?]	[?]	[?]	[?]	[?]
		[?]	[?]	[?]	[?]	[?]	[?]	[?]	[?]	[?]	[?]	[?]	[?]	[?]	[?]	[?]	[?]	[?]	[?]	[?]	[?]	[?]	[?]	[?]	[?]	[?]	[?]	[?]	[?]	[?]	[?]	[?]	[?]	[?]	[?]	[?]	[?]	[?]	[?]	[?]	[?]
9	せる	[?]	[?]	[?]	[?]	[?]	[?]	[?]	[?]	[?]	[?]	[?]	[?]	[?]	[?]	[?]	[?]	[?]	[?]	[?]	[?]	[?]	[?]	[?]	[?]	[?]	[?]	[?]	[?]	[?]	[?]	[?]	[?]	[?]	[?]	[?]	[?]	[?]	[?]	[?]	[?]
		[?]	[?]	[?]	[?]	[?]	[?]	[?]	[?]	[?]	[?]	[?]	[?]	[?]	[?]	[?]	[?]	[?]	[?]	[?]	[?]	[?]	[?]	[?]	[?]	[?]	[?]	[?]	[?]	[?]	[?]	[?]	[?]	[?]	[?]	[?]	[?]	[?]	[?]	[?]	[?]
		[?]	[?]	[?]	[?]	[?]	[?]	[?]	[?]	[?]	[?]	[?]	[?]	[?]	[?]	[?]	[?]	[?]	[?]	[?]	[?]	[?]	[?]	[?]	[?]	[?]	[?]	[?]	[?]	[?]	[?]	[?]	[?]	[?]	[?]	[?]	[?]	[?]	[?]	[?]	[?]
10	ブランドン	[?]	[?]	[?]	[?]	[?]	[?]	[?]	[?]	[?]	[?]	[?]	[?]	[?]	[?]	[?]	[?]	[?]	[?]	[?]	[?]	[?]	[?]	[?]	[?]	[?]	[?]	[?]	[?]	[?]	[?]	[?]	[?]	[?]	[?]	[?]	[?]	[?]	[?]	[?]	[?]
		[?]	[?]	[?]	[?]	[?]	[?]	[?]	[?]	[?]	[?]	[?]	[?]	[?]	[?]	[?]	[?]	[?]	[?]	[?]	[?]	[?]	[?]	[?]	[?]	[?]	[?]	[?]	[?]	[?]	[?]	[?]	[?]	[?]	[?]	[?]	[?]	[?]	[?]	[?]	[?]
		[?]	[?]	[?]	[?]	[?]	[?]	[?]	[?]	[?]	[?]	[?]	[?]	[?]	[?]	[?]	[?]	[?]	[?]	[?]	[?]	[?]	[?]	[?]	[?]	[?]	[?]	[?]	[?]	[?]	[?]	[?]	[?]	[?]	[?]	[?]	[?]	[?]	[?]	[?]	[?]
11																																									

12																																									

13																																									

14																																									

15																																									
